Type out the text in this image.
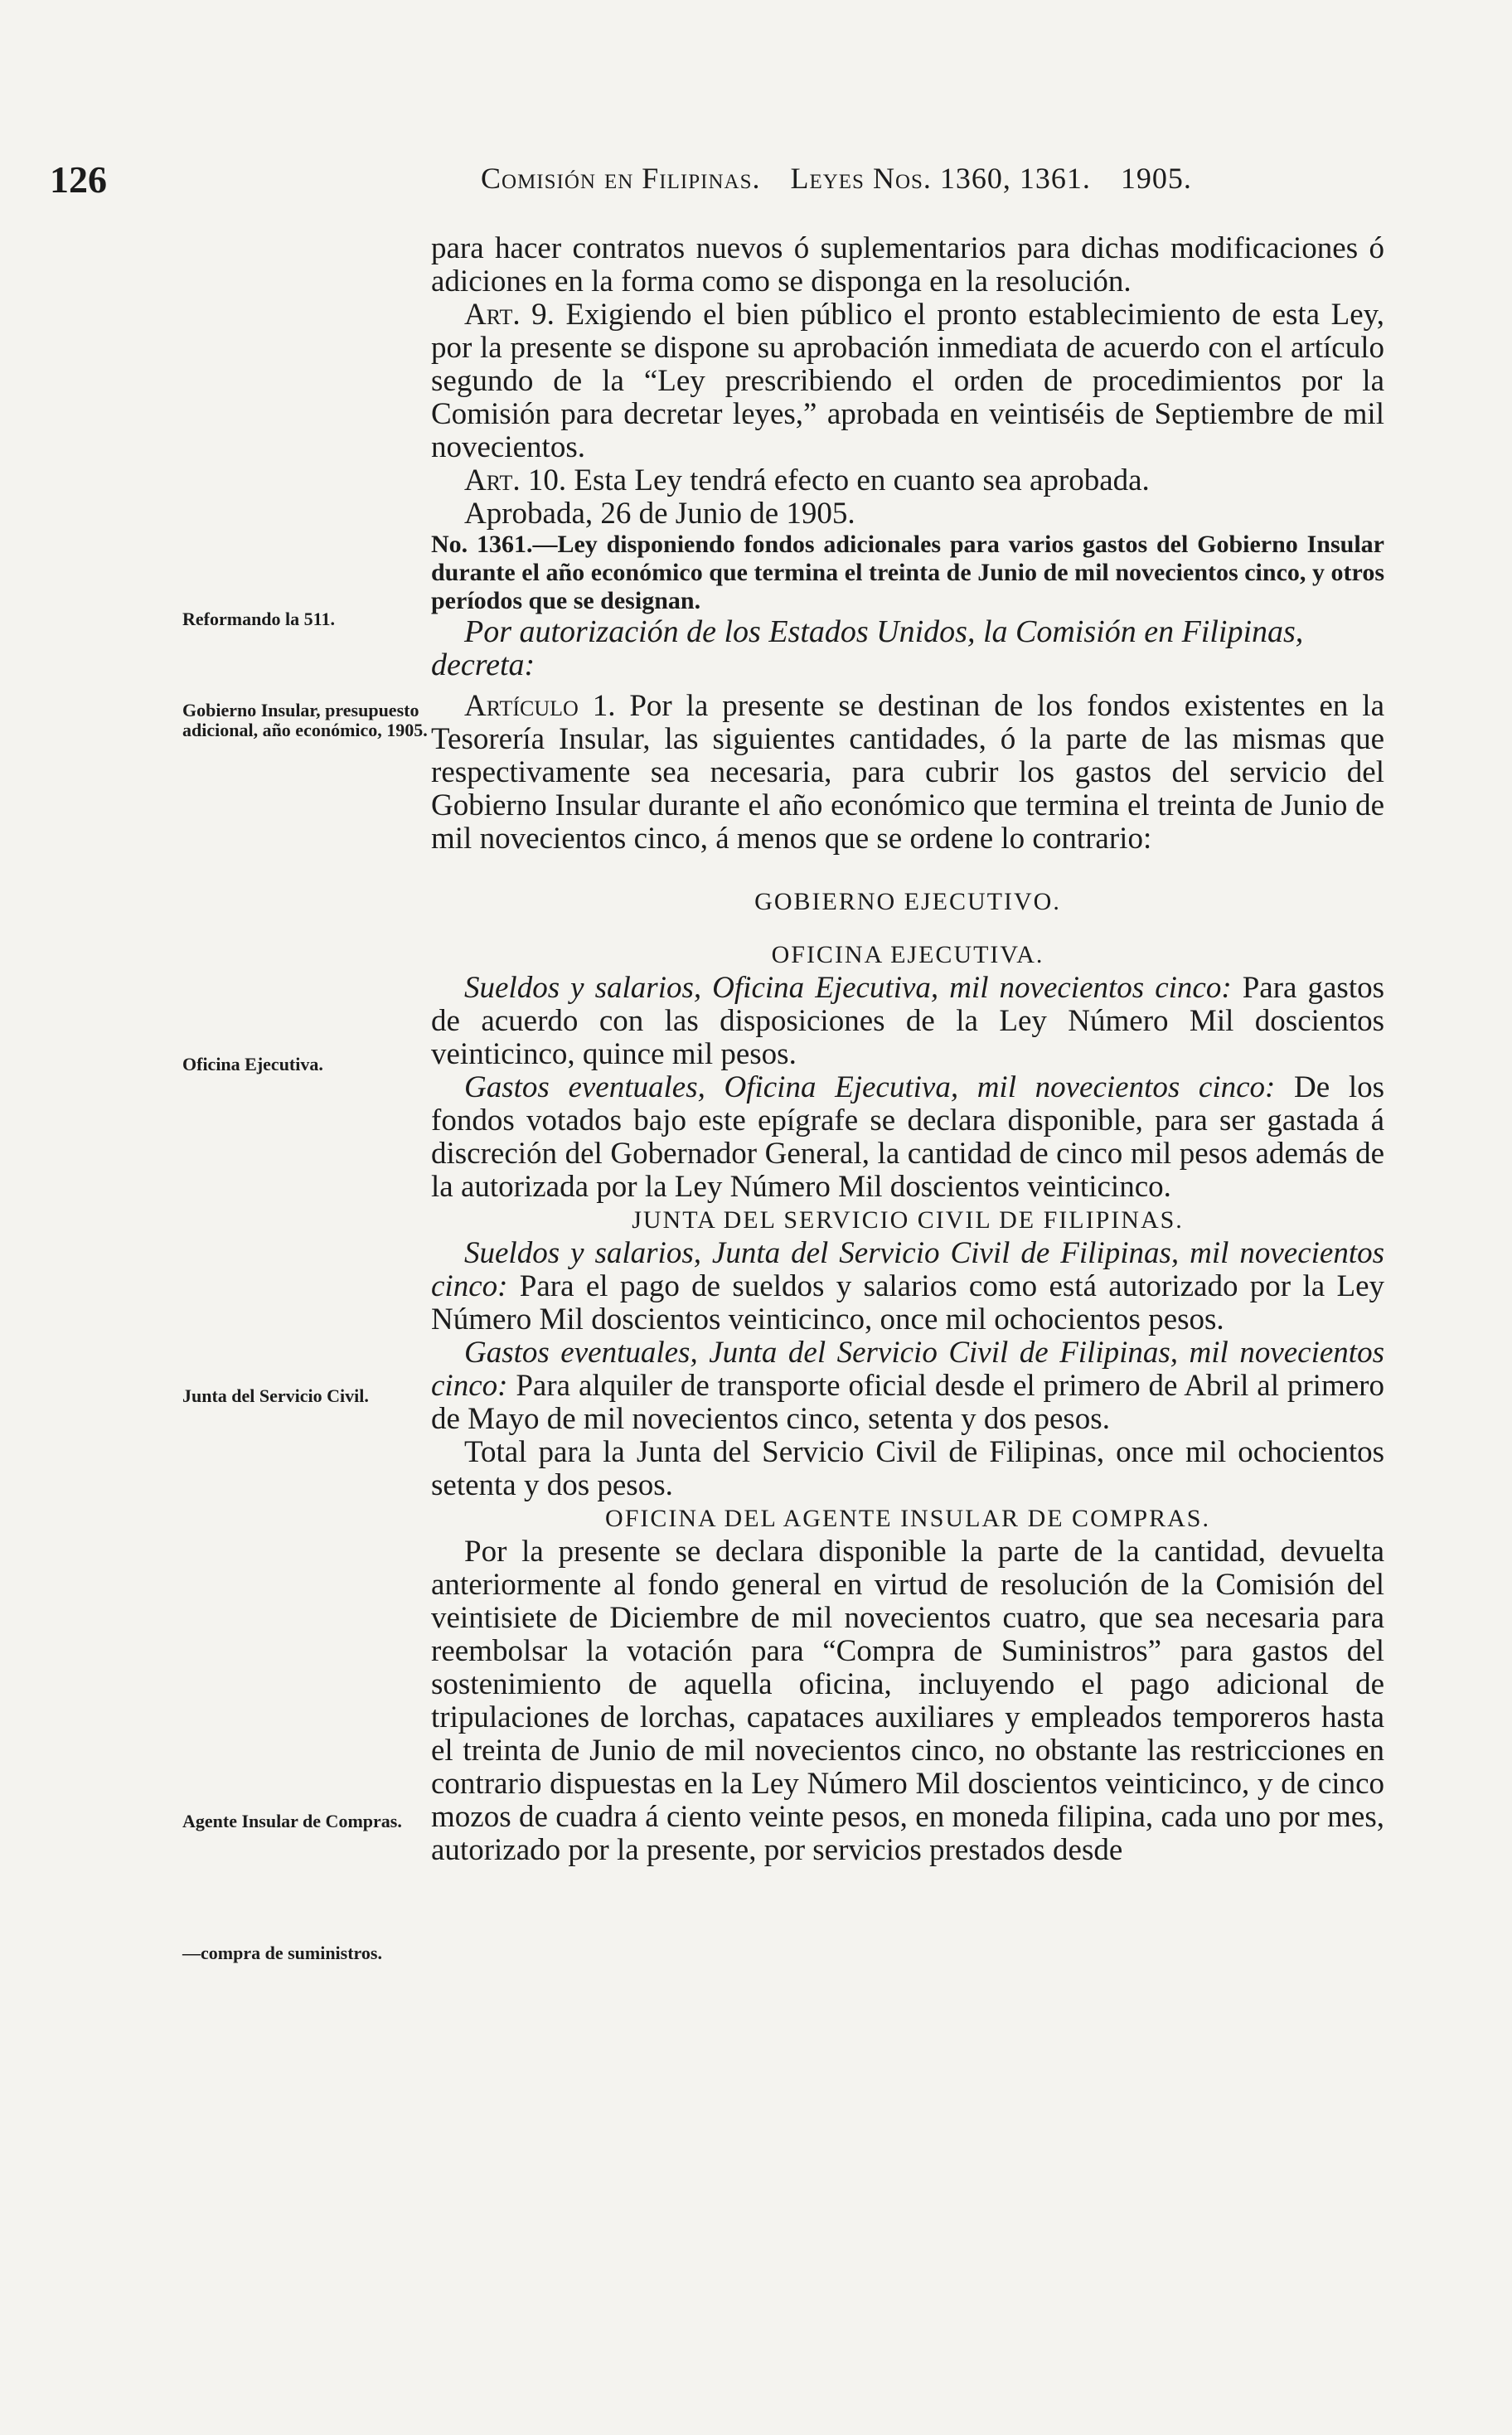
126	Comisión en Filipinas. Leyes Nos. 1360, 1361. 1905.
Reformando la 511.
Gobierno Insular, presupuesto adicional, año económico, 1905.
Oficina Ejecutiva.
Junta del Servicio Civil.
Agente Insular de Compras.
—compra de suministros.

para hacer contratos nuevos ó suplementarios para dichas modificaciones ó adiciones en la forma como se disponga en la resolución.

Art. 9. Exigiendo el bien público el pronto establecimiento de esta Ley, por la presente se dispone su aprobación inmediata de acuerdo con el artículo segundo de la “Ley prescribiendo el orden de procedimientos por la Comisión para decretar leyes,” aprobada en veintiséis de Septiembre de mil novecientos.

Art. 10. Esta Ley tendrá efecto en cuanto sea aprobada.

Aprobada, 26 de Junio de 1905.

No. 1361.—Ley disponiendo fondos adicionales para varios gastos del Gobierno Insular durante el año económico que termina el treinta de Junio de mil novecientos cinco, y otros períodos que se designan.

Por autorización de los Estados Unidos, la Comisión en Filipinas,

decreta:

Artículo 1. Por la presente se destinan de los fondos existentes en la Tesorería Insular, las siguientes cantidades, ó la parte de las mismas que respectivamente sea necesaria, para cubrir los gastos del servicio del Gobierno Insular durante el año económico que termina el treinta de Junio de mil novecientos cinco, á menos que se ordene lo contrario:

GOBIERNO EJECUTIVO.

OFICINA EJECUTIVA.

Sueldos y salarios, Oficina Ejecutiva, mil novecientos cinco: Para gastos de acuerdo con las disposiciones de la Ley Número Mil doscientos veinticinco, quince mil pesos.

Gastos eventuales, Oficina Ejecutiva, mil novecientos cinco: De los fondos votados bajo este epígrafe se declara disponible, para ser gastada á discreción del Gobernador General, la cantidad de cinco mil pesos además de la autorizada por la Ley Número Mil doscientos veinticinco.

JUNTA DEL SERVICIO CIVIL DE FILIPINAS.

Sueldos y salarios, Junta del Servicio Civil de Filipinas, mil novecientos cinco: Para el pago de sueldos y salarios como está autorizado por la Ley Número Mil doscientos veinticinco, once mil ochocientos pesos.

Gastos eventuales, Junta del Servicio Civil de Filipinas, mil novecientos cinco: Para alquiler de transporte oficial desde el primero de Abril al primero de Mayo de mil novecientos cinco, setenta y dos pesos.

Total para la Junta del Servicio Civil de Filipinas, once mil ochocientos setenta y dos pesos.

OFICINA DEL AGENTE INSULAR DE COMPRAS.

Por la presente se declara disponible la parte de la cantidad, devuelta anteriormente al fondo general en virtud de resolución de la Comisión del veintisiete de Diciembre de mil novecientos cuatro, que sea necesaria para reembolsar la votación para “Compra de Suministros” para gastos del sostenimiento de aquella oficina, incluyendo el pago adicional de tripulaciones de lorchas, capataces auxiliares y empleados temporeros hasta el treinta de Junio de mil novecientos cinco, no obstante las restricciones en contrario dispuestas en la Ley Número Mil doscientos veinticinco, y de cinco mozos de cuadra á ciento veinte pesos, en moneda filipina, cada uno por mes, autorizado por la presente, por servicios prestados desde
